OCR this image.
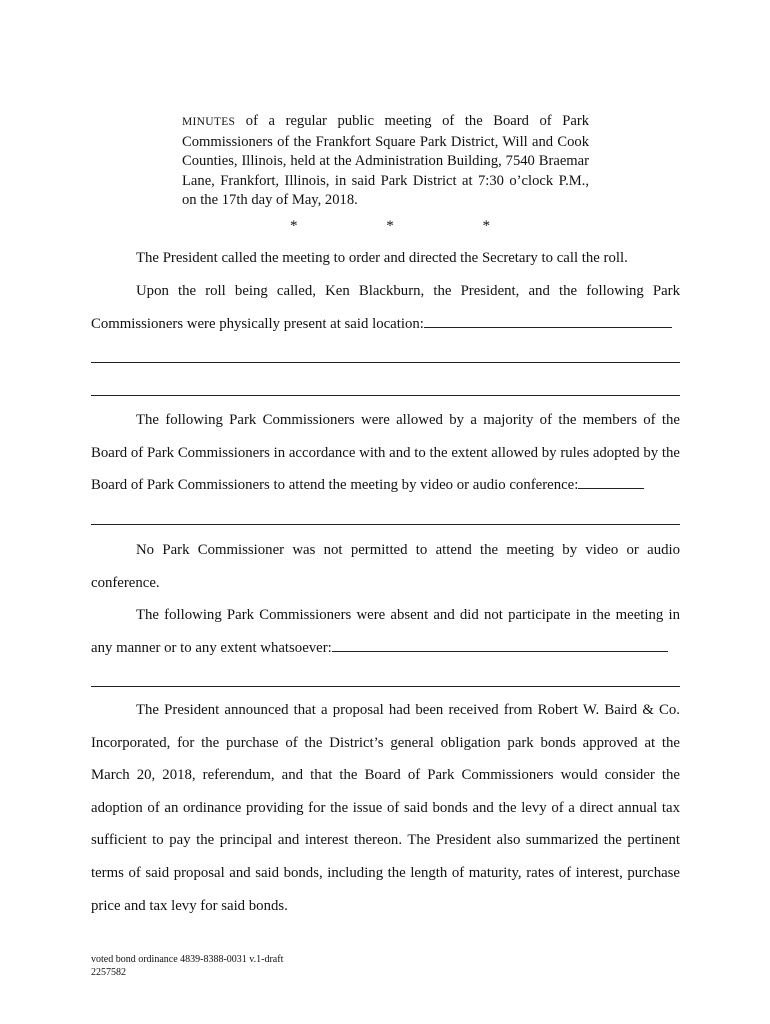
MINUTES of a regular public meeting of the Board of Park Commissioners of the Frankfort Square Park District, Will and Cook Counties, Illinois, held at the Administration Building, 7540 Braemar Lane, Frankfort, Illinois, in said Park District at 7:30 o’clock P.M., on the 17th day of May, 2018.
*	*	*
The President called the meeting to order and directed the Secretary to call the roll.
Upon the roll being called, Ken Blackburn, the President, and the following Park Commissioners were physically present at said location:
The following Park Commissioners were allowed by a majority of the members of the Board of Park Commissioners in accordance with and to the extent allowed by rules adopted by the Board of Park Commissioners to attend the meeting by video or audio conference:
No Park Commissioner was not permitted to attend the meeting by video or audio conference.
The following Park Commissioners were absent and did not participate in the meeting in any manner or to any extent whatsoever:
The President announced that a proposal had been received from Robert W. Baird & Co. Incorporated, for the purchase of the District’s general obligation park bonds approved at the March 20, 2018, referendum, and that the Board of Park Commissioners would consider the adoption of an ordinance providing for the issue of said bonds and the levy of a direct annual tax sufficient to pay the principal and interest thereon. The President also summarized the pertinent terms of said proposal and said bonds, including the length of maturity, rates of interest, purchase price and tax levy for said bonds.
voted bond ordinance 4839-8388-0031 v.1-draft
2257582
